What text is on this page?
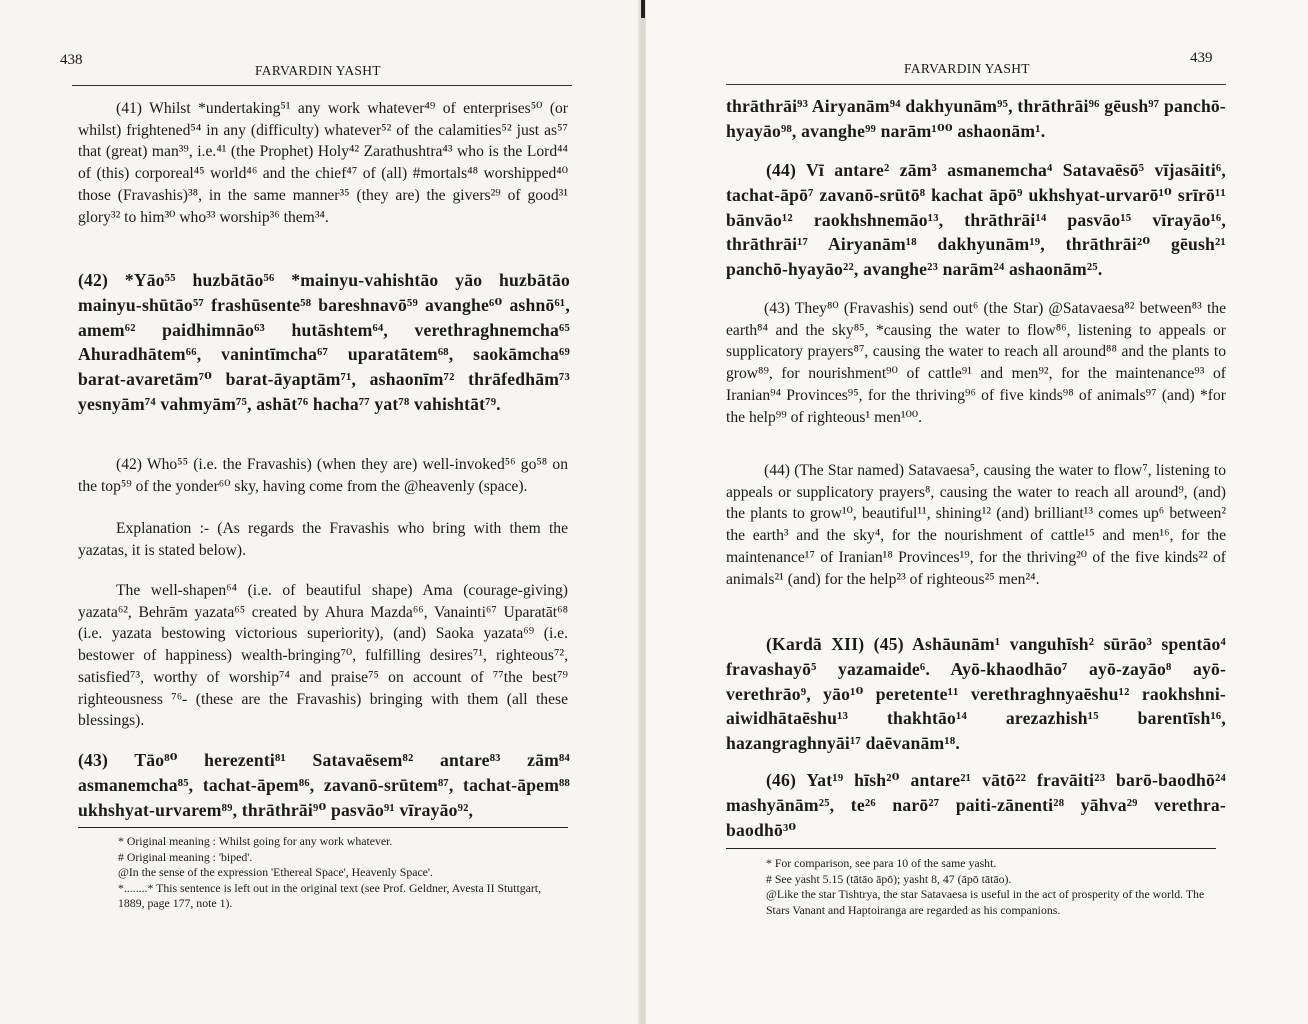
438
FARVARDIN YASHT

(41) Whilst *undertaking⁵¹ any work whatever⁴⁹ of enterprises⁵⁰ (or whilst) frightened⁵⁴ in any (difficulty) whatever⁵² of the calamities⁵² just as⁵⁷ that (great) man³⁹, i.e.⁴¹ (the Prophet) Holy⁴² Zarathushtra⁴³ who is the Lord⁴⁴ of (this) corporeal⁴⁵ world⁴⁶ and the chief⁴⁷ of (all) #mortals⁴⁸ worshipped⁴⁰ those (Fravashis)³⁸, in the same manner³⁵ (they are) the givers²⁹ of good³¹ glory³² to him³⁰ who³³ worship³⁶ them³⁴.

(42) *Yāo⁵⁵ huzbātāo⁵⁶ *mainyu-vahishtāo yāo huzbātāo mainyu-shūtāo⁵⁷ frashūsente⁵⁸ bareshnavō⁵⁹ avanghe⁶⁰ ashnō⁶¹, amem⁶² paidhimnāo⁶³ hutāshtem⁶⁴, verethraghnemcha⁶⁵ Ahuradhātem⁶⁶, vanintīmcha⁶⁷ uparatātem⁶⁸, saokāmcha⁶⁹ barat-avaretām⁷⁰ barat-āyaptām⁷¹, ashaonīm⁷² thrāfedhām⁷³ yesnyām⁷⁴ vahmyām⁷⁵, ashāt⁷⁶ hacha⁷⁷ yat⁷⁸ vahishtāt⁷⁹.

(42) Who⁵⁵ (i.e. the Fravashis) (when they are) well-invoked⁵⁶ go⁵⁸ on the top⁵⁹ of the yonder⁶⁰ sky, having come from the @heavenly (space).

Explanation :- (As regards the Fravashis who bring with them the yazatas, it is stated below).

The well-shapen⁶⁴ (i.e. of beautiful shape) Ama (courage-giving) yazata⁶², Behrām yazata⁶⁵ created by Ahura Mazda⁶⁶, Vanainti⁶⁷ Uparatāt⁶⁸ (i.e. yazata bestowing victorious superiority), (and) Saoka yazata⁶⁹ (i.e. bestower of happiness) wealth-bringing⁷⁰, fulfilling desires⁷¹, righteous⁷², satisfied⁷³, worthy of worship⁷⁴ and praise⁷⁵ on account of ⁷⁷the best⁷⁹ righteousness ⁷⁶- (these are the Fravashis) bringing with them (all these blessings).

(43) Tāo⁸⁰ herezenti⁸¹ Satavaēsem⁸² antare⁸³ zām⁸⁴ asmanemcha⁸⁵, tachat-āpem⁸⁶, zavanō-srūtem⁸⁷, tachat-āpem⁸⁸ ukhshyat-urvarem⁸⁹, thrāthrāi⁹⁰ pasvāo⁹¹ vīrayāo⁹²,

* Original meaning : Whilst going for any work whatever.
# Original meaning : 'biped'.
@In the sense of the expression 'Ethereal Space', Heavenly Space'.
*........* This sentence is left out in the original text (see Prof. Geldner, Avesta II Stuttgart, 1889, page 177, note 1).
FARVARDIN YASHT
439

thrāthrāi⁹³ Airyanām⁹⁴ dakhyunām⁹⁵, thrāthrāi⁹⁶ gēush⁹⁷ panchō-hyayāo⁹⁸, avanghe⁹⁹ narām¹⁰⁰ ashaonām¹.

(44) Vī antare² zām³ asmanemcha⁴ Satavaēsō⁵ vījasāiti⁶, tachat-āpō⁷ zavanō-srūtō⁸ kachat āpō⁹ ukhshyat-urvarō¹⁰ srīrō¹¹ bānvāo¹² raokhshnemāo¹³, thrāthrāi¹⁴ pasvāo¹⁵ vīrayāo¹⁶, thrāthrāi¹⁷ Airyanām¹⁸ dakhyunām¹⁹, thrāthrāi²⁰ gēush²¹ panchō-hyayāo²², avanghe²³ narām²⁴ ashaonām²⁵.

(43) They⁸⁰ (Fravashis) send out⁶ (the Star) @Satavaesa⁸² between⁸³ the earth⁸⁴ and the sky⁸⁵, *causing the water to flow⁸⁶, listening to appeals or supplicatory prayers⁸⁷, causing the water to reach all around⁸⁸ and the plants to grow⁸⁹, for nourishment⁹⁰ of cattle⁹¹ and men⁹², for the maintenance⁹³ of Iranian⁹⁴ Provinces⁹⁵, for the thriving⁹⁶ of five kinds⁹⁸ of animals⁹⁷ (and) *for the help⁹⁹ of righteous¹ men¹⁰⁰.

(44) (The Star named) Satavaesa⁵, causing the water to flow⁷, listening to appeals or supplicatory prayers⁸, causing the water to reach all around⁹, (and) the plants to grow¹⁰, beautiful¹¹, shining¹² (and) brilliant¹³ comes up⁶ between² the earth³ and the sky⁴, for the nourishment of cattle¹⁵ and men¹⁶, for the maintenance¹⁷ of Iranian¹⁸ Provinces¹⁹, for the thriving²⁰ of the five kinds²² of animals²¹ (and) for the help²³ of righteous²⁵ men²⁴.

(Kardā XII) (45) Ashāunām¹ vanguhīsh² sūrāo³ spentāo⁴ fravashayō⁵ yazamaide⁶. Ayō-khaodhāo⁷ ayō-zayāo⁸ ayō-verethrāo⁹, yāo¹⁰ peretente¹¹ verethraghnyaēshu¹² raokhshni-aiwidhātaēshu¹³ thakhtāo¹⁴ arezazhish¹⁵ barentīsh¹⁶, hazangraghnyāi¹⁷ daēvanām¹⁸.

(46) Yat¹⁹ hīsh²⁰ antare²¹ vātō²² fravāiti²³ barō-baodhō²⁴ mashyānām²⁵, te²⁶ narō²⁷ paiti-zānenti²⁸ yāhva²⁹ verethra-baodhō³⁰

* For comparison, see para 10 of the same yasht.
# See yasht 5.15 (tātāo āpō); yasht 8, 47 (āpō tātāo).
@Like the star Tishtrya, the star Satavaesa is useful in the act of prosperity of the world. The Stars Vanant and Haptoiranga are regarded as his companions.
